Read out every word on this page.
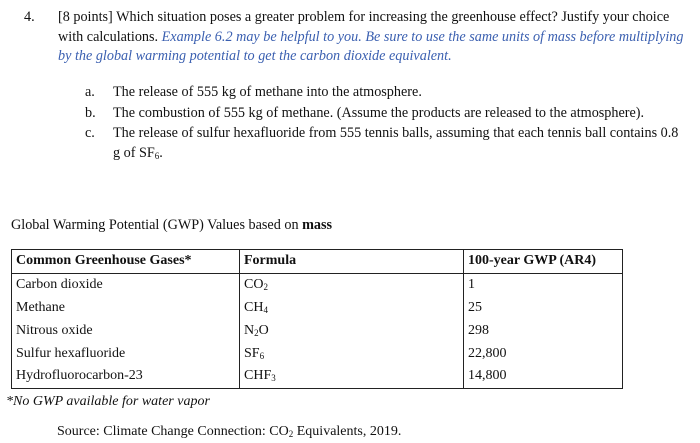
4. [8 points] Which situation poses a greater problem for increasing the greenhouse effect? Justify your choice with calculations. Example 6.2 may be helpful to you. Be sure to use the same units of mass before multiplying by the global warming potential to get the carbon dioxide equivalent.
a. The release of 555 kg of methane into the atmosphere.
b. The combustion of 555 kg of methane. (Assume the products are released to the atmosphere).
c. The release of sulfur hexafluoride from 555 tennis balls, assuming that each tennis ball contains 0.8 g of $SF_6$.
Global Warming Potential (GWP) Values based on mass
Common Greenhouse Gases*	Formula	100-year GWP (AR4)
Carbon dioxide	$CO_2$	1
Methane	$CH_4$	25
Nitrous oxide	$N_2O$	298
Sulfur hexafluoride	$SF_6$	22,800
Hydrofluorocarbon-23	$CHF_3$	14,800
*No GWP available for water vapor
Source: Climate Change Connection: $CO_2$ Equivalents, 2019.
